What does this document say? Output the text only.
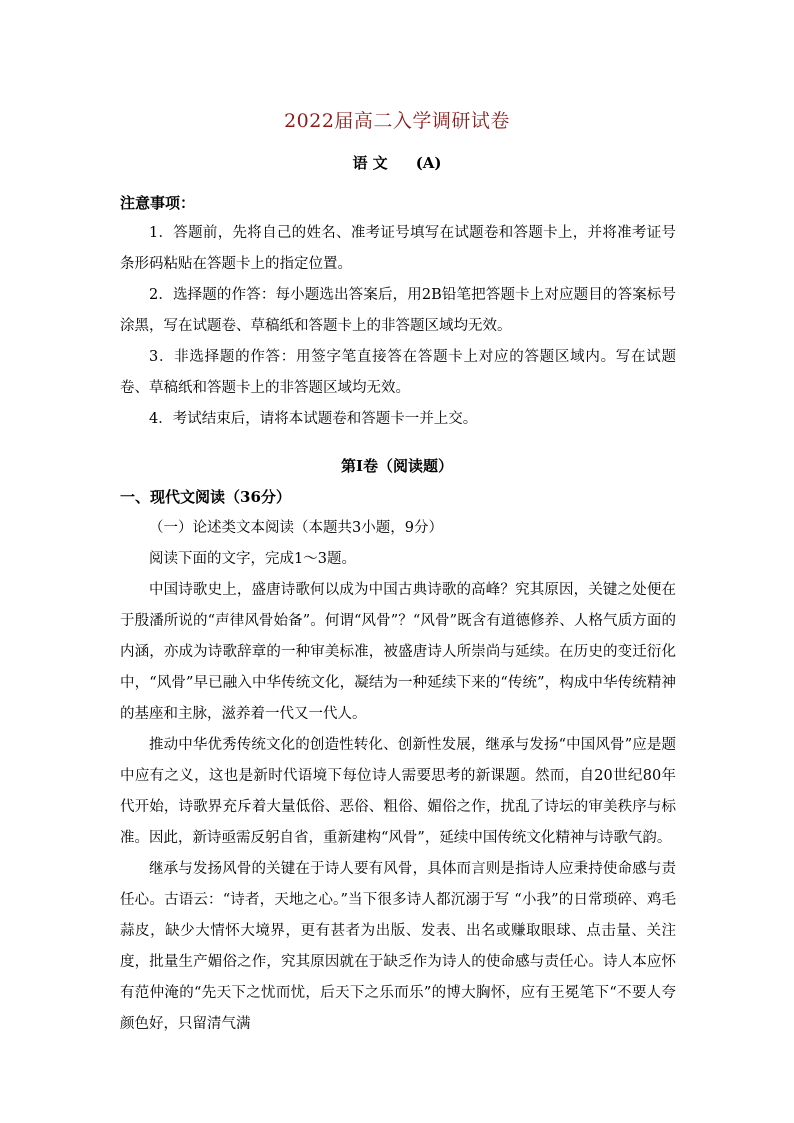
2022届高二入学调研试卷
语 文 (A)
注意事项：

1．答题前，先将自己的姓名、准考证号填写在试题卷和答题卡上，并将准考证号条形码粘贴在答题卡上的指定位置。

2．选择题的作答：每小题选出答案后，用2B铅笔把答题卡上对应题目的答案标号涂黑，写在试题卷、草稿纸和答题卡上的非答题区域均无效。

3．非选择题的作答：用签字笔直接答在答题卡上对应的答题区域内。写在试题卷、草稿纸和答题卡上的非答题区域均无效。

4．考试结束后，请将本试题卷和答题卡一并上交。

第Ⅰ卷（阅读题）
一、现代文阅读（36分）

（一）论述类文本阅读（本题共3小题，9分）

阅读下面的文字，完成1～3题。

中国诗歌史上，盛唐诗歌何以成为中国古典诗歌的高峰？究其原因，关键之处便在于殷潘所说的“声律风骨始备”。何谓“风骨”？“风骨”既含有道德修养、人格气质方面的内涵，亦成为诗歌辞章的一种审美标准，被盛唐诗人所崇尚与延续。在历史的变迁衍化中，“风骨”早已融入中华传统文化，凝结为一种延续下来的“传统”，构成中华传统精神的基座和主脉，滋养着一代又一代人。

推动中华优秀传统文化的创造性转化、创新性发展，继承与发扬“中国风骨”应是题中应有之义，这也是新时代语境下每位诗人需要思考的新课题。然而，自20世纪80年代开始，诗歌界充斥着大量低俗、恶俗、粗俗、媚俗之作，扰乱了诗坛的审美秩序与标准。因此，新诗亟需反躬自省，重新建构“风骨”，延续中国传统文化精神与诗歌气韵。

继承与发扬风骨的关键在于诗人要有风骨，具体而言则是指诗人应秉持使命感与责任心。古语云：“诗者，天地之心。”当下很多诗人都沉溺于写 “小我”的日常琐碎、鸡毛蒜皮，缺少大情怀大境界，更有甚者为出版、发表、出名或赚取眼球、点击量、关注度，批量生产媚俗之作，究其原因就在于缺乏作为诗人的使命感与责任心。诗人本应怀有范仲淹的“先天下之忧而忧，后天下之乐而乐”的博大胸怀，应有王冕笔下“不要人夸颜色好，只留清气满
